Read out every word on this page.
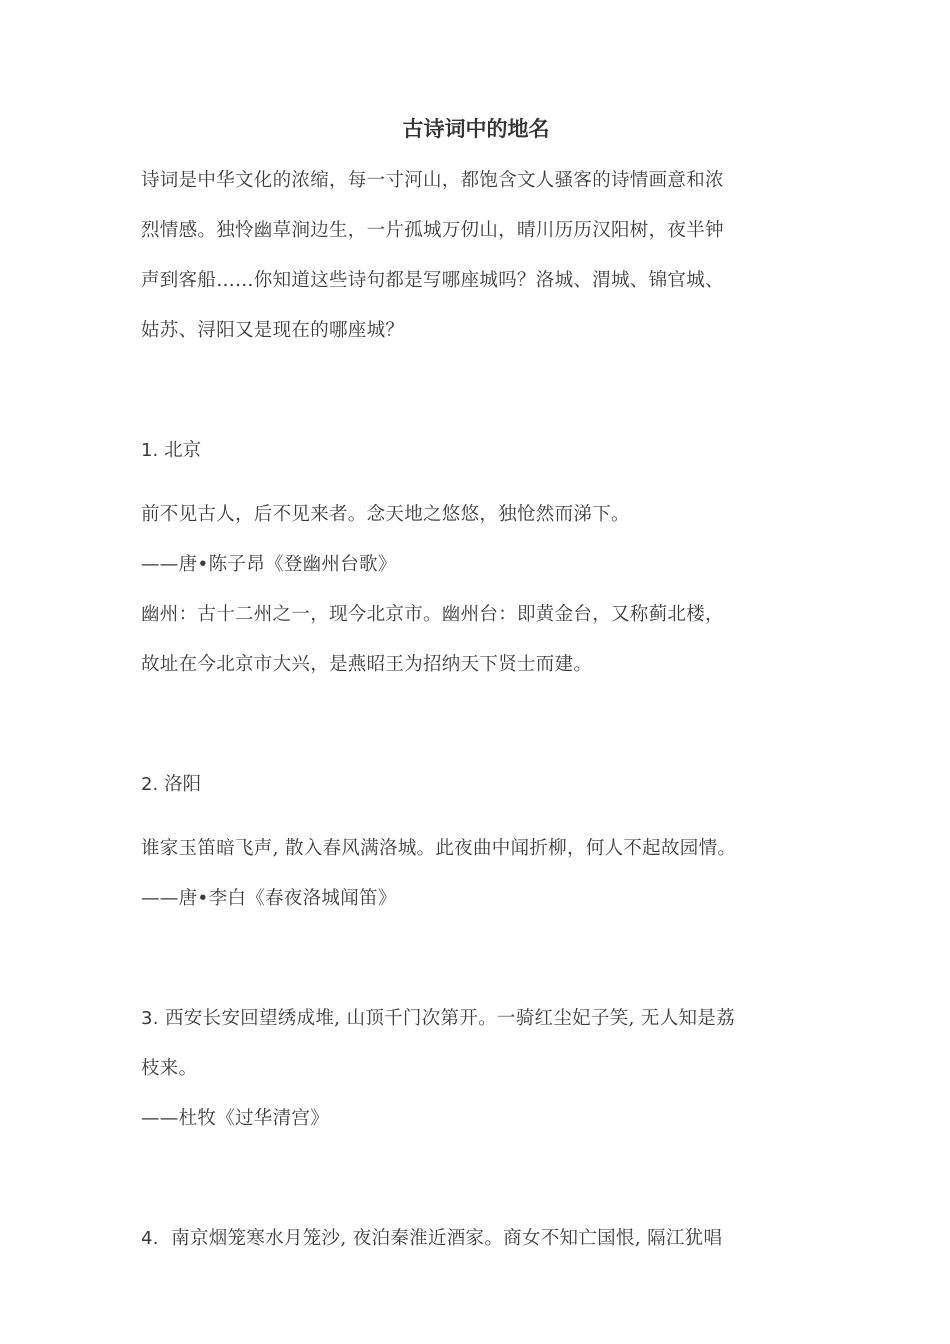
古诗词中的地名
诗词是中华文化的浓缩，每一寸河山，都饱含文人骚客的诗情画意和浓
烈情感。独怜幽草涧边生，一片孤城万仞山，晴川历历汉阳树，夜半钟
声到客船……你知道这些诗句都是写哪座城吗？洛城、渭城、锦官城、
姑苏、浔阳又是现在的哪座城？
1. 北京
前不见古人，后不见来者。念天地之悠悠，独怆然而涕下。
——唐•陈子昂《登幽州台歌》
幽州：古十二州之一，现今北京市。幽州台：即黄金台，又称蓟北楼，
故址在今北京市大兴，是燕昭王为招纳天下贤士而建。
2. 洛阳
谁家玉笛暗飞声, 散入春风满洛城。此夜曲中闻折柳，何人不起故园情。
——唐•李白《春夜洛城闻笛》
3. 西安长安回望绣成堆, 山顶千门次第开。一骑红尘妃子笑, 无人知是荔
枝来。
——杜牧《过华清宫》
4. 南京烟笼寒水月笼沙, 夜泊秦淮近酒家。商女不知亡国恨, 隔江犹唱
